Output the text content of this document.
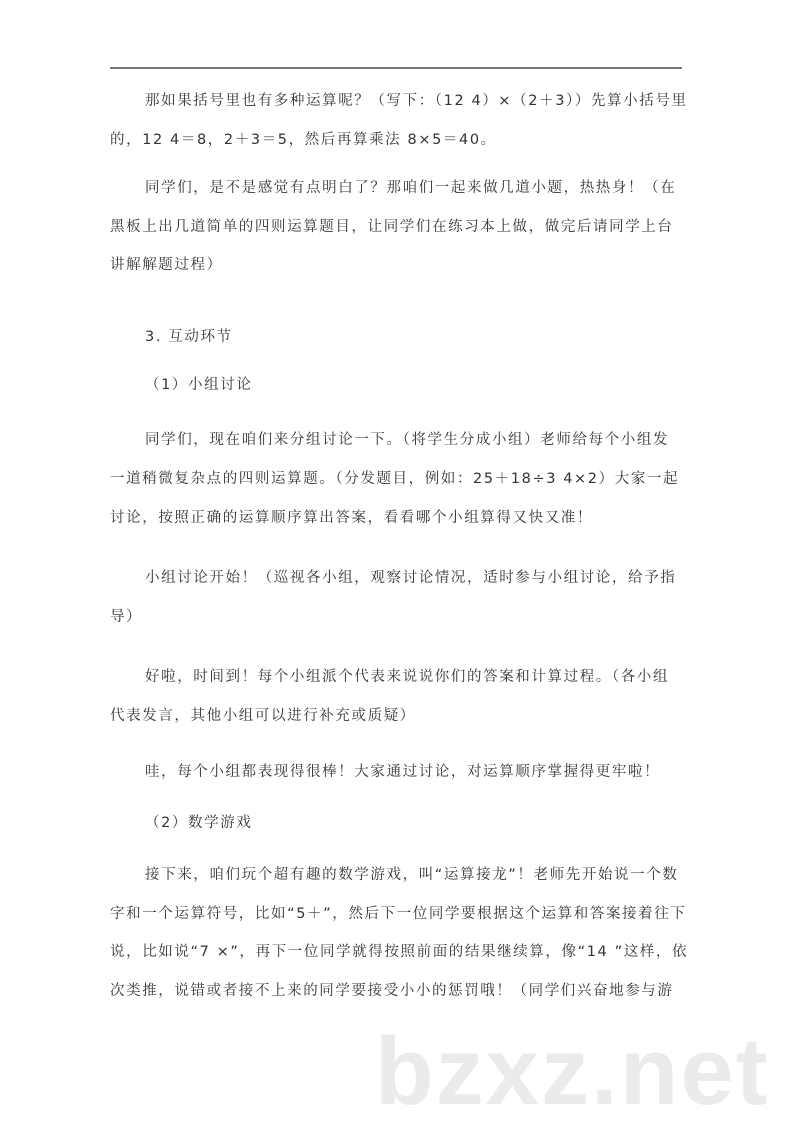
那如果括号里也有多种运算呢？（写下：（12 4）×（2＋3））先算小括号里
的，12 4＝8，2＋3＝5，然后再算乘法 8×5＝40。
同学们，是不是感觉有点明白了？那咱们一起来做几道小题，热热身！（在
黑板上出几道简单的四则运算题目，让同学们在练习本上做，做完后请同学上台
讲解解题过程）
3. 互动环节
（1）小组讨论
同学们，现在咱们来分组讨论一下。（将学生分成小组）老师给每个小组发
一道稍微复杂点的四则运算题。（分发题目，例如：25＋18÷3 4×2）大家一起
讨论，按照正确的运算顺序算出答案，看看哪个小组算得又快又准！
小组讨论开始！（巡视各小组，观察讨论情况，适时参与小组讨论，给予指
导）
好啦，时间到！每个小组派个代表来说说你们的答案和计算过程。（各小组
代表发言，其他小组可以进行补充或质疑）
哇，每个小组都表现得很棒！大家通过讨论，对运算顺序掌握得更牢啦！
（2）数学游戏
接下来，咱们玩个超有趣的数学游戏，叫“运算接龙”！老师先开始说一个数
字和一个运算符号，比如“5＋”，然后下一位同学要根据这个运算和答案接着往下
说，比如说“7 ×”，再下一位同学就得按照前面的结果继续算，像“14 ”这样，依
次类推，说错或者接不上来的同学要接受小小的惩罚哦！（同学们兴奋地参与游
bzxz.net
